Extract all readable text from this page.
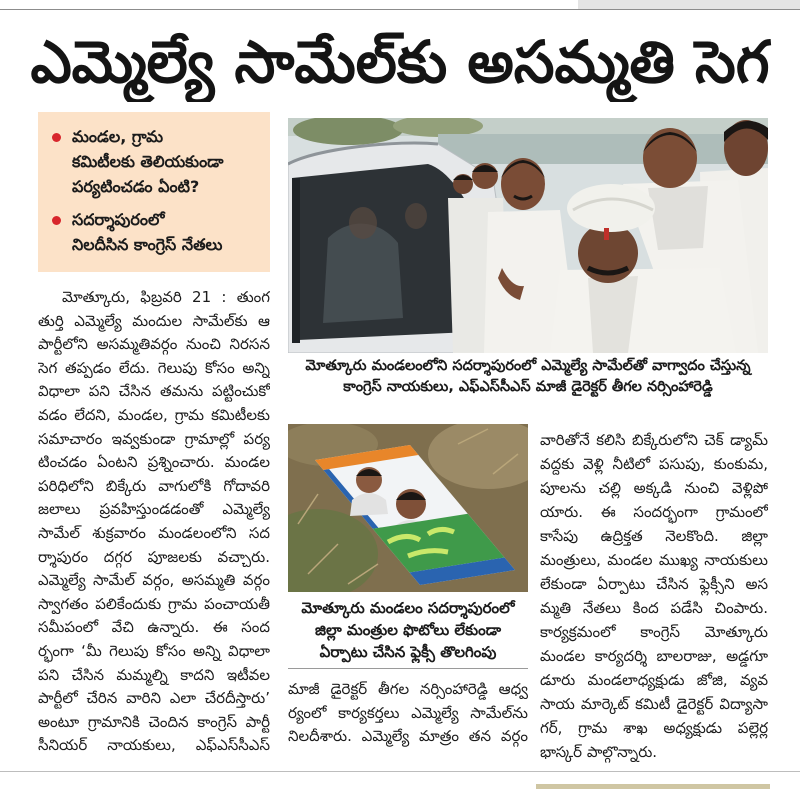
ఎమ్మెల్యే సామేల్‌కు అసమ్మతి సెగ
మండల, గ్రామ
కమిటీలకు తెలియకుండా
పర్యటించడం ఏంటి?
సదర్శాపురంలో
నిలదీసిన కాంగ్రెస్ నేతలు
మోత్కూరు మండలంలోని సదర్శాపురంలో ఎమ్మెల్యే సామేల్‌తో వాగ్వాదం చేస్తున్న
కాంగ్రెస్ నాయకులు, ఎఫ్ఎస్‌సీఎస్ మాజీ డైరెక్టర్ తీగల నర్సింహారెడ్డి
మోత్కూరు మండలం సదర్శాపురంలో
జిల్లా మంత్రుల ఫొటోలు లేకుండా
ఏర్పాటు చేసిన ఫ్లెక్సీ తొలగింపు
మోత్కూరు, ఫిబ్రవరి 21 : తుంగ
తుర్తి ఎమ్మెల్యే మందుల సామేల్‌కు ఆ
పార్టీలోని అసమ్మతివర్గం నుంచి నిరసన
సెగ తప్పడం లేదు. గెలుపు కోసం అన్ని
విధాలా పని చేసిన తమను పట్టించుకో
వడం లేదని, మండల, గ్రామ కమిటీలకు
సమాచారం ఇవ్వకుండా గ్రామాల్లో పర్య
టించడం ఏంటని ప్రశ్నించారు. మండల
పరిధిలోని బిక్కేరు వాగులోకి గోదావరి
జలాలు ప్రవహిస్తుండడంతో ఎమ్మెల్యే
సామేల్ శుక్రవారం మండలంలోని సద
ర్శాపురం దగ్గర పూజలకు వచ్చారు.
ఎమ్మెల్యే సామేల్ వర్గం, అసమ్మతి వర్గం
స్వాగతం పలికేందుకు గ్రామ పంచాయతీ
సమీపంలో వేచి ఉన్నారు. ఈ సంద
ర్భంగా ‘మీ గెలుపు కోసం అన్ని విధాలా
పని చేసిన మమ్మల్ని కాదని ఇటీవల
పార్టీలో చేరిన వారిని ఎలా చేరదీస్తారు’
అంటూ గ్రామానికి చెందిన కాంగ్రెస్ పార్టీ
సీనియర్ నాయకులు, ఎఫ్ఎస్‌సీఎస్
మాజీ డైరెక్టర్ తీగల నర్సింహారెడ్డి ఆధ్వ
ర్యంలో కార్యకర్తలు ఎమ్మెల్యే సామేల్‌ను
నిలదీశారు. ఎమ్మెల్యే మాత్రం తన వర్గం
వారితోనే కలిసి బిక్కేరులోని చెక్ డ్యామ్
వద్దకు వెళ్లి నీటిలో పసుపు, కుంకుమ,
పూలను చల్లి అక్కడి నుంచి వెళ్లిపో
యారు. ఈ సందర్భంగా గ్రామంలో
కాసేపు ఉద్రిక్తత నెలకొంది. జిల్లా
మంత్రులు, మండల ముఖ్య నాయకులు
లేకుండా ఏర్పాటు చేసిన ఫ్లెక్సీని అస
మ్మతి నేతలు కింద పడేసి చింపారు.
కార్యక్రమంలో కాంగ్రెస్ మోత్కూరు
మండల కార్యదర్శి బాలరాజు, అడ్డగూ
డూరు మండలాధ్యక్షుడు జోజి, వ్యవ
సాయ మార్కెట్ కమిటీ డైరెక్టర్ విద్యాసా
గర్, గ్రామ శాఖ అధ్యక్షుడు పల్లెర్ల
భాస్కర్ పాల్గొన్నారు.
